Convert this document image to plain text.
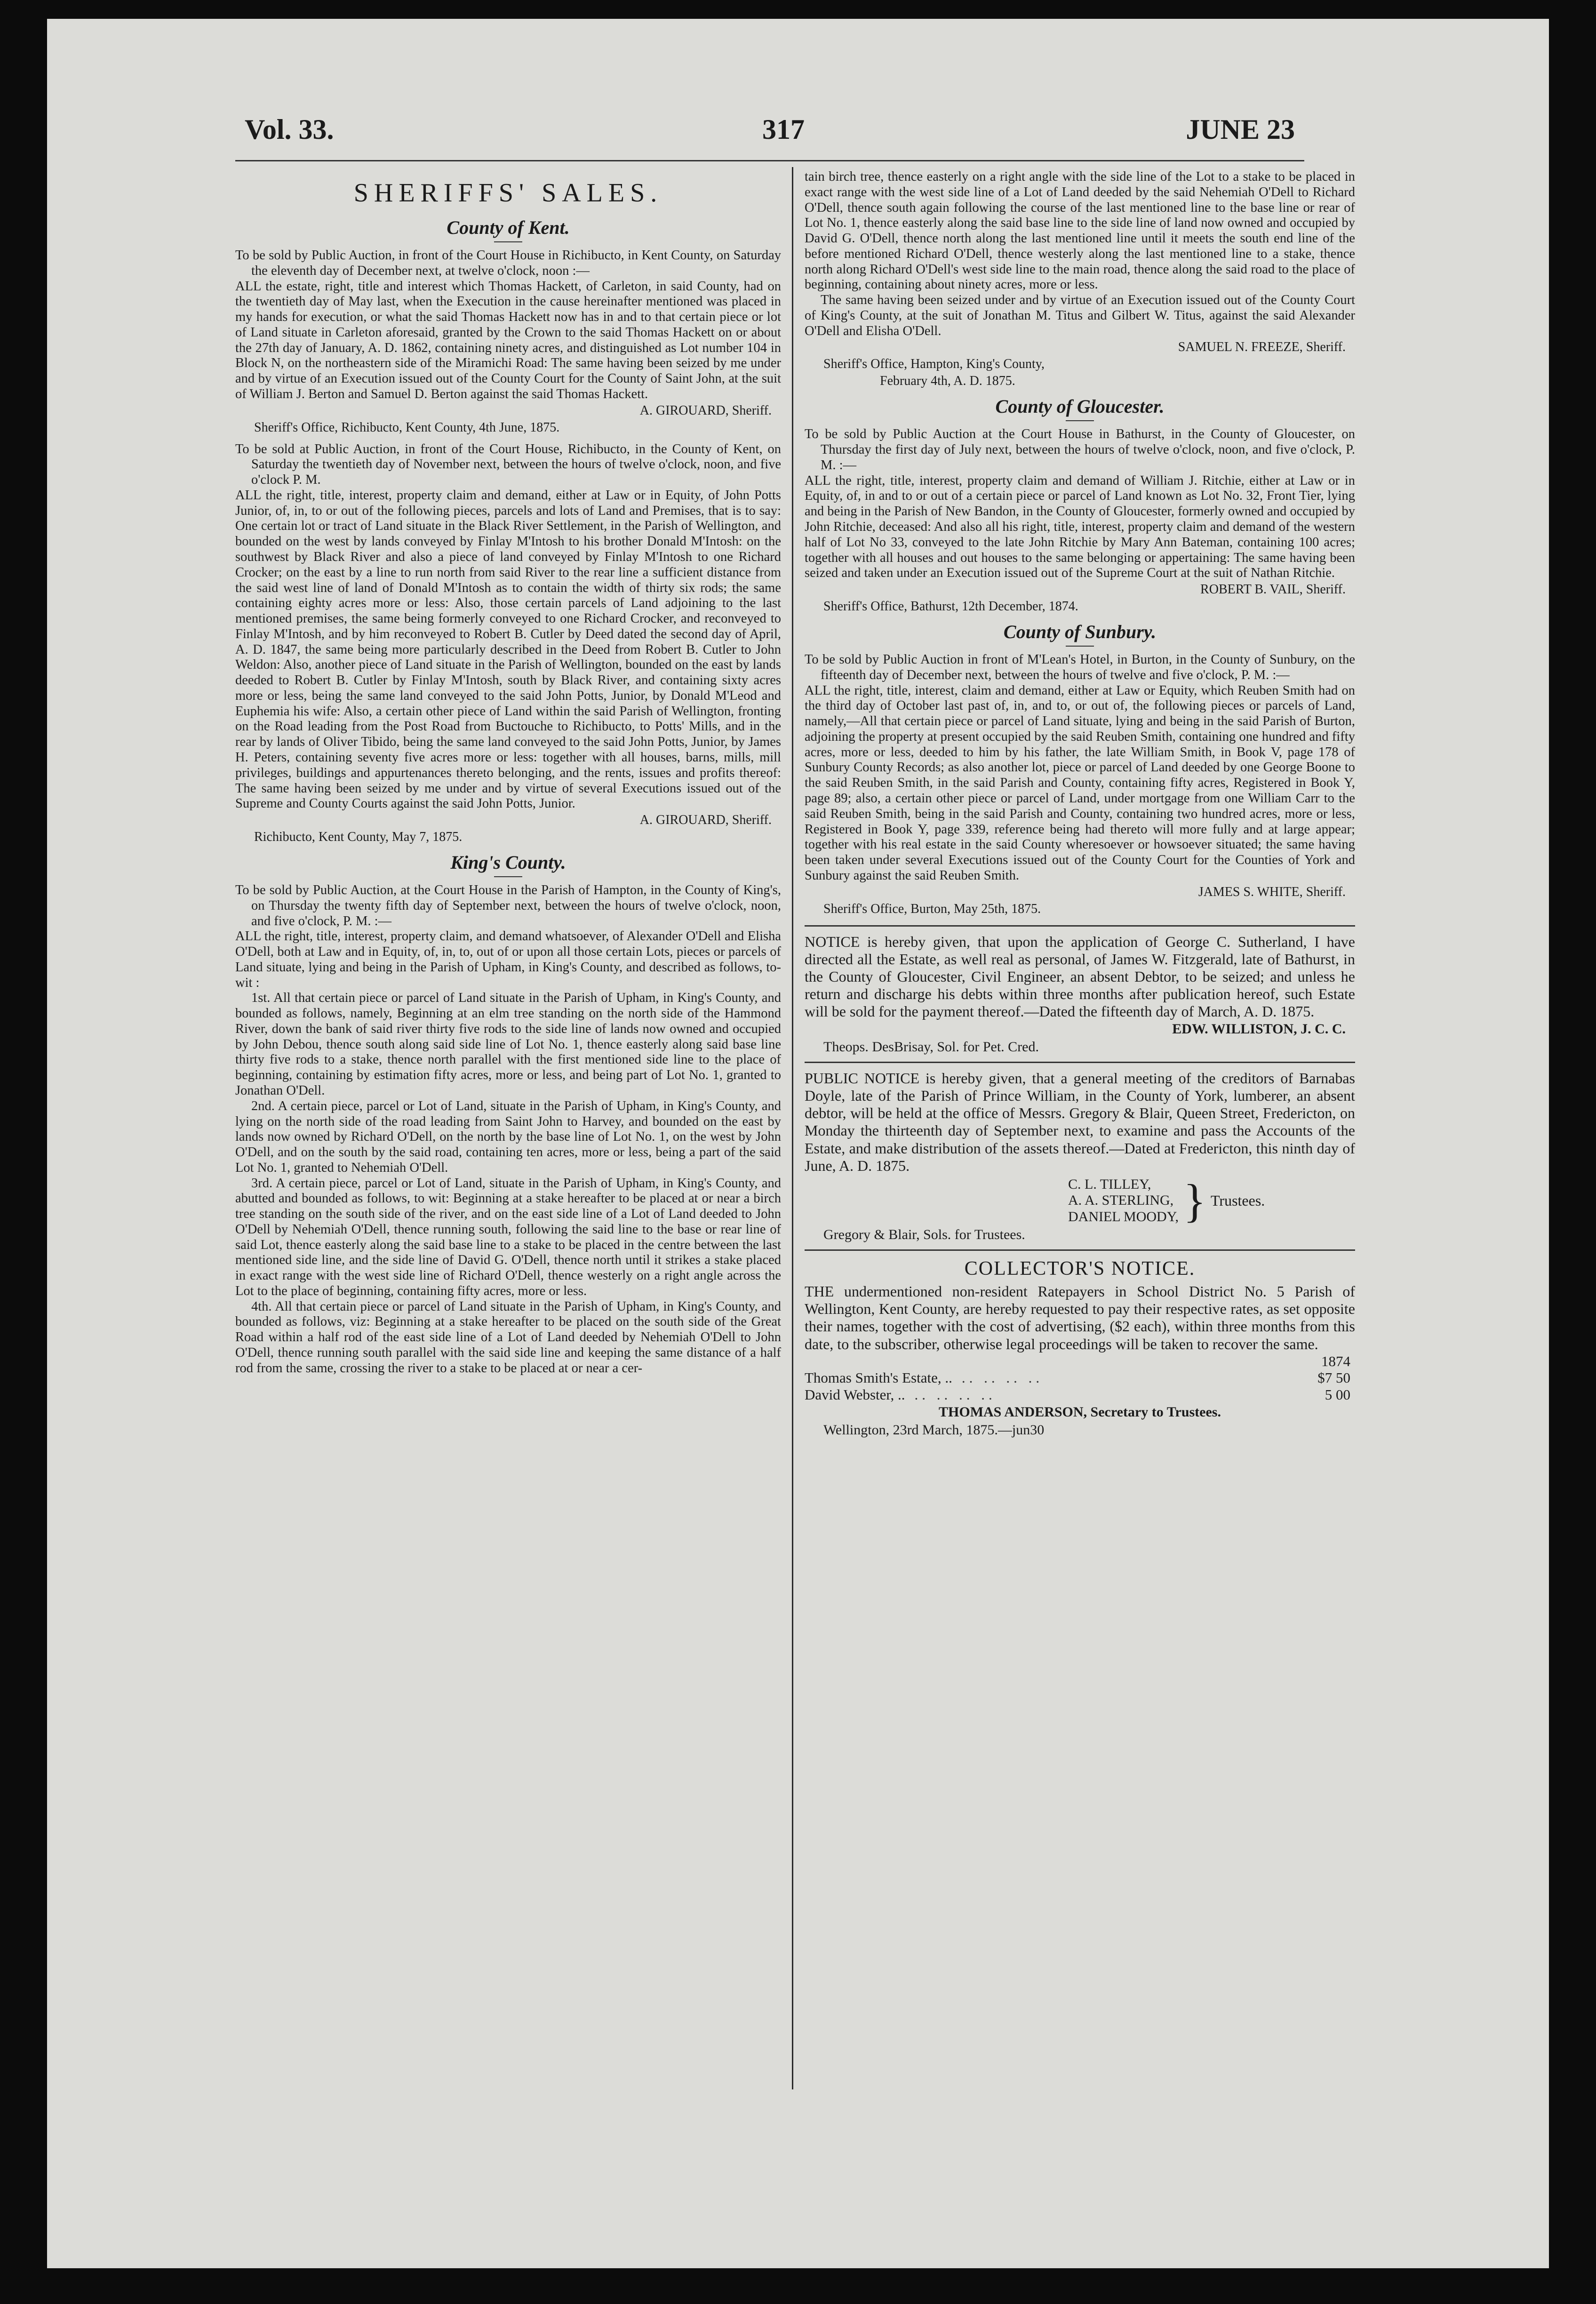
Vol. 33.	317	JUNE 23
SHERIFFS' SALES.
County of Kent.

To be sold by Public Auction, in front of the Court House in Richibucto, in Kent County, on Saturday the eleventh day of December next, at twelve o'clock, noon :—

ALL the estate, right, title and interest which Thomas Hackett, of Carleton, in said County, had on the twentieth day of May last, when the Execution in the cause hereinafter mentioned was placed in my hands for execution, or what the said Thomas Hackett now has in and to that certain piece or lot of Land situate in Carleton aforesaid, granted by the Crown to the said Thomas Hackett on or about the 27th day of January, A. D. 1862, containing ninety acres, and distinguished as Lot number 104 in Block N, on the northeastern side of the Miramichi Road: The same having been seized by me under and by virtue of an Execution issued out of the County Court for the County of Saint John, at the suit of William J. Berton and Samuel D. Berton against the said Thomas Hackett.

A. GIROUARD, Sheriff.
Sheriff's Office, Richibucto, Kent County, 4th June, 1875.

To be sold at Public Auction, in front of the Court House, Richibucto, in the County of Kent, on Saturday the twentieth day of November next, between the hours of twelve o'clock, noon, and five o'clock P. M.

ALL the right, title, interest, property claim and demand, either at Law or in Equity, of John Potts Junior, of, in, to or out of the following pieces, parcels and lots of Land and Premises, that is to say: One certain lot or tract of Land situate in the Black River Settlement, in the Parish of Wellington, and bounded on the west by lands conveyed by Finlay M'Intosh to his brother Donald M'Intosh: on the southwest by Black River and also a piece of land conveyed by Finlay M'Intosh to one Richard Crocker; on the east by a line to run north from said River to the rear line a sufficient distance from the said west line of land of Donald M'Intosh as to contain the width of thirty six rods; the same containing eighty acres more or less: Also, those certain parcels of Land adjoining to the last mentioned premises, the same being formerly conveyed to one Richard Crocker, and reconveyed to Finlay M'Intosh, and by him reconveyed to Robert B. Cutler by Deed dated the second day of April, A. D. 1847, the same being more particularly described in the Deed from Robert B. Cutler to John Weldon: Also, another piece of Land situate in the Parish of Wellington, bounded on the east by lands deeded to Robert B. Cutler by Finlay M'Intosh, south by Black River, and containing sixty acres more or less, being the same land conveyed to the said John Potts, Junior, by Donald M'Leod and Euphemia his wife: Also, a certain other piece of Land within the said Parish of Wellington, fronting on the Road leading from the Post Road from Buctouche to Richibucto, to Potts' Mills, and in the rear by lands of Oliver Tibido, being the same land conveyed to the said John Potts, Junior, by James H. Peters, containing seventy five acres more or less: together with all houses, barns, mills, mill privileges, buildings and appurtenances thereto belonging, and the rents, issues and profits thereof: The same having been seized by me under and by virtue of several Executions issued out of the Supreme and County Courts against the said John Potts, Junior.

A. GIROUARD, Sheriff.
Richibucto, Kent County, May 7, 1875.
King's County.

To be sold by Public Auction, at the Court House in the Parish of Hampton, in the County of King's, on Thursday the twenty fifth day of September next, between the hours of twelve o'clock, noon, and five o'clock, P. M. :—

ALL the right, title, interest, property claim, and demand whatsoever, of Alexander O'Dell and Elisha O'Dell, both at Law and in Equity, of, in, to, out of or upon all those certain Lots, pieces or parcels of Land situate, lying and being in the Parish of Upham, in King's County, and described as follows, to-wit :

1st. All that certain piece or parcel of Land situate in the Parish of Upham, in King's County, and bounded as follows, namely, Beginning at an elm tree standing on the north side of the Hammond River, down the bank of said river thirty five rods to the side line of lands now owned and occupied by John Debou, thence south along said side line of Lot No. 1, thence easterly along said base line thirty five rods to a stake, thence north parallel with the first mentioned side line to the place of beginning, containing by estimation fifty acres, more or less, and being part of Lot No. 1, granted to Jonathan O'Dell.

2nd. A certain piece, parcel or Lot of Land, situate in the Parish of Upham, in King's County, and lying on the north side of the road leading from Saint John to Harvey, and bounded on the east by lands now owned by Richard O'Dell, on the north by the base line of Lot No. 1, on the west by John O'Dell, and on the south by the said road, containing ten acres, more or less, being a part of the said Lot No. 1, granted to Nehemiah O'Dell.

3rd. A certain piece, parcel or Lot of Land, situate in the Parish of Upham, in King's County, and abutted and bounded as follows, to wit: Beginning at a stake hereafter to be placed at or near a birch tree standing on the south side of the river, and on the east side line of a Lot of Land deeded to John O'Dell by Nehemiah O'Dell, thence running south, following the said line to the base or rear line of said Lot, thence easterly along the said base line to a stake to be placed in the centre between the last mentioned side line, and the side line of David G. O'Dell, thence north until it strikes a stake placed in exact range with the west side line of Richard O'Dell, thence westerly on a right angle across the Lot to the place of beginning, containing fifty acres, more or less.

4th. All that certain piece or parcel of Land situate in the Parish of Upham, in King's County, and bounded as follows, viz: Beginning at a stake hereafter to be placed on the south side of the Great Road within a half rod of the east side line of a Lot of Land deeded by Nehemiah O'Dell to John O'Dell, thence running south parallel with the said side line and keeping the same distance of a half rod from the same, crossing the river to a stake to be placed at or near a cer-

tain birch tree, thence easterly on a right angle with the side line of the Lot to a stake to be placed in exact range with the west side line of a Lot of Land deeded by the said Nehemiah O'Dell to Richard O'Dell, thence south again following the course of the last mentioned line to the base line or rear of Lot No. 1, thence easterly along the said base line to the side line of land now owned and occupied by David G. O'Dell, thence north along the last mentioned line until it meets the south end line of the before mentioned Richard O'Dell, thence westerly along the last mentioned line to a stake, thence north along Richard O'Dell's west side line to the main road, thence along the said road to the place of beginning, containing about ninety acres, more or less.

The same having been seized under and by virtue of an Execution issued out of the County Court of King's County, at the suit of Jonathan M. Titus and Gilbert W. Titus, against the said Alexander O'Dell and Elisha O'Dell.

SAMUEL N. FREEZE, Sheriff.
Sheriff's Office, Hampton, King's County,
February 4th, A. D. 1875.
County of Gloucester.

To be sold by Public Auction at the Court House in Bathurst, in the County of Gloucester, on Thursday the first day of July next, between the hours of twelve o'clock, noon, and five o'clock, P. M. :—

ALL the right, title, interest, property claim and demand of William J. Ritchie, either at Law or in Equity, of, in and to or out of a certain piece or parcel of Land known as Lot No. 32, Front Tier, lying and being in the Parish of New Bandon, in the County of Gloucester, formerly owned and occupied by John Ritchie, deceased: And also all his right, title, interest, property claim and demand of the western half of Lot No 33, conveyed to the late John Ritchie by Mary Ann Bateman, containing 100 acres; together with all houses and out houses to the same belonging or appertaining: The same having been seized and taken under an Execution issued out of the Supreme Court at the suit of Nathan Ritchie.

ROBERT B. VAIL, Sheriff.
Sheriff's Office, Bathurst, 12th December, 1874.
County of Sunbury.

To be sold by Public Auction in front of M'Lean's Hotel, in Burton, in the County of Sunbury, on the fifteenth day of December next, between the hours of twelve and five o'clock, P. M. :—

ALL the right, title, interest, claim and demand, either at Law or Equity, which Reuben Smith had on the third day of October last past of, in, and to, or out of, the following pieces or parcels of Land, namely,—All that certain piece or parcel of Land situate, lying and being in the said Parish of Burton, adjoining the property at present occupied by the said Reuben Smith, containing one hundred and fifty acres, more or less, deeded to him by his father, the late William Smith, in Book V, page 178 of Sunbury County Records; as also another lot, piece or parcel of Land deeded by one George Boone to the said Reuben Smith, in the said Parish and County, containing fifty acres, Registered in Book Y, page 89; also, a certain other piece or parcel of Land, under mortgage from one William Carr to the said Reuben Smith, being in the said Parish and County, containing two hundred acres, more or less, Registered in Book Y, page 339, reference being had thereto will more fully and at large appear; together with his real estate in the said County wheresoever or howsoever situated; the same having been taken under several Executions issued out of the County Court for the Counties of York and Sunbury against the said Reuben Smith.

JAMES S. WHITE, Sheriff.
Sheriff's Office, Burton, May 25th, 1875.

NOTICE is hereby given, that upon the application of George C. Sutherland, I have directed all the Estate, as well real as personal, of James W. Fitzgerald, late of Bathurst, in the County of Gloucester, Civil Engineer, an absent Debtor, to be seized; and unless he return and discharge his debts within three months after publication hereof, such Estate will be sold for the payment thereof.—Dated the fifteenth day of March, A. D. 1875.

EDW. WILLISTON, J. C. C.
Theops. DesBrisay, Sol. for Pet. Cred.

PUBLIC NOTICE is hereby given, that a general meeting of the creditors of Barnabas Doyle, late of the Parish of Prince William, in the County of York, lumberer, an absent debtor, will be held at the office of Messrs. Gregory & Blair, Queen Street, Fredericton, on Monday the thirteenth day of September next, to examine and pass the Accounts of the Estate, and make distribution of the assets thereof.—Dated at Fredericton, this ninth day of June, A. D. 1875.

C. L. TILLEY,
A. A. STERLING,
DANIEL MOODY, } Trustees.
Gregory & Blair, Sols. for Trustees.
COLLECTOR'S NOTICE.

THE undermentioned non-resident Ratepayers in School District No. 5 Parish of Wellington, Kent County, are hereby requested to pay their respective rates, as set opposite their names, together with the cost of advertising, ($2 each), within three months from this date, to the subscriber, otherwise legal proceedings will be taken to recover the same.

1874
Thomas Smith's Estate, .. .. .. .. ..	$7 50
David Webster, .. .. .. .. ..	5 00
THOMAS ANDERSON, Secretary to Trustees.
Wellington, 23rd March, 1875.—jun30
